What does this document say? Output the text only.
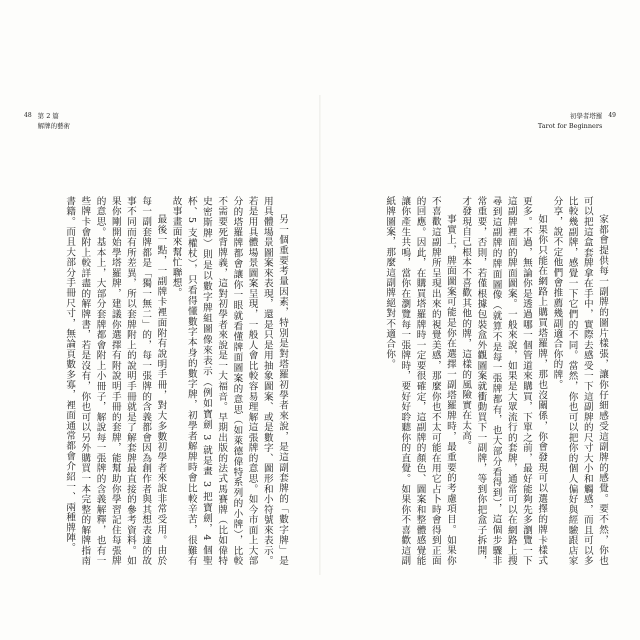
48 第 2 篇
解牌的藝術
初學者塔羅
Tarot for Beginners
49

另一個重要考量因素，特別是對塔羅初學者來說，是這副套牌的「數字牌」是用具體場景圖案來表現，還是只是用抽象圖案、或是數字、圖形和小符號來表示。若是用具體場景圖案呈現，一般人會比較容易理解這張牌的意思。如今市面上大部分的塔羅牌都會讓你一眼就看懂牌面圖案的意思（如萊德偉特系列的小牌），比較不需要死背牌義，這對初學者來說是一大福音。早期出版的法式馬賽牌（比如偉特史密斯牌）則是以數字牌組圖像來表示（例如寶劍 3 就是畫 3 把寶劍，4 個聖杯、5 支權杖），只看得懂數字本身的數字牌，初學者解牌時會比較辛苦，很難有故事畫面來幫忙聯想。

最後一點，一副牌卡裡面附有說明手冊，對大多數初學者來說非常受用。由於每一副套牌都是「獨一無二」的，每一張牌的含義都會因為創作者與其想表達的故事不同而有所差異，所以套牌附上的說明手冊就是了解套牌最直接的參考資料。如果你剛開始學塔羅牌，建議你選擇有附說明手冊的套牌，能幫助你學習記住每張牌的意思。基本上，大部分套牌都會附上小冊子，解說每一張牌的含義解釋，也有一些牌卡會附上較詳盡的解牌書，若是沒有，你也可以另外購買一本完整的解牌指南書籍。而且大部分手冊尺寸，無論頁數多寡，裡面通常都會介紹一、兩種牌陣。	家都會提供每一副牌的圖片樣張，讓你仔細感受這副牌的感覺。要不然，你也可以把這盒套牌拿在手中，實際去感受一下這副牌的尺寸大小和觸感，而且可以多比較幾副牌，感覺一下它們的不同。當然，你也可以把你的個人偏好與經驗跟店家分享，說不定他們會推薦幾副適合你的牌。

如果你只能在網路上購買塔羅牌，那也沒關係，你會發現可以選擇的牌卡樣式更多。不過，無論你是透過哪一個管道來購買，下單之前，最好能夠先多瀏覽一下這副牌裡面的牌面圖案。一般來說，如果是大眾流行的套牌，通常可以在網路上搜尋到這副牌的牌面圖像（就算不是每一張牌都有，也大部分看得到），這個步驟非常重要，否則，若僅根據包裝盒外觀圖案就衝動買下一副牌，等到你把盒子拆開，才發現自己根本不喜歡其他的牌，這樣的風險實在太高。

事實上，牌面圖案可能是你在選擇一副塔羅牌時，最重要的考慮項目。如果你不喜歡這副牌所呈現出來的視覺美感，那麼你也不太可能在用它占卜時會得到正面的回應。因此，在購買塔羅牌時一定要很確定，這副牌的顏色、圖案和整體感覺能讓你產生共鳴，當你在瀏覽每一張牌時，要好好聆聽你的直覺。如果你不喜歡這副紙牌圖案，那麼這副牌絕對不適合你。
